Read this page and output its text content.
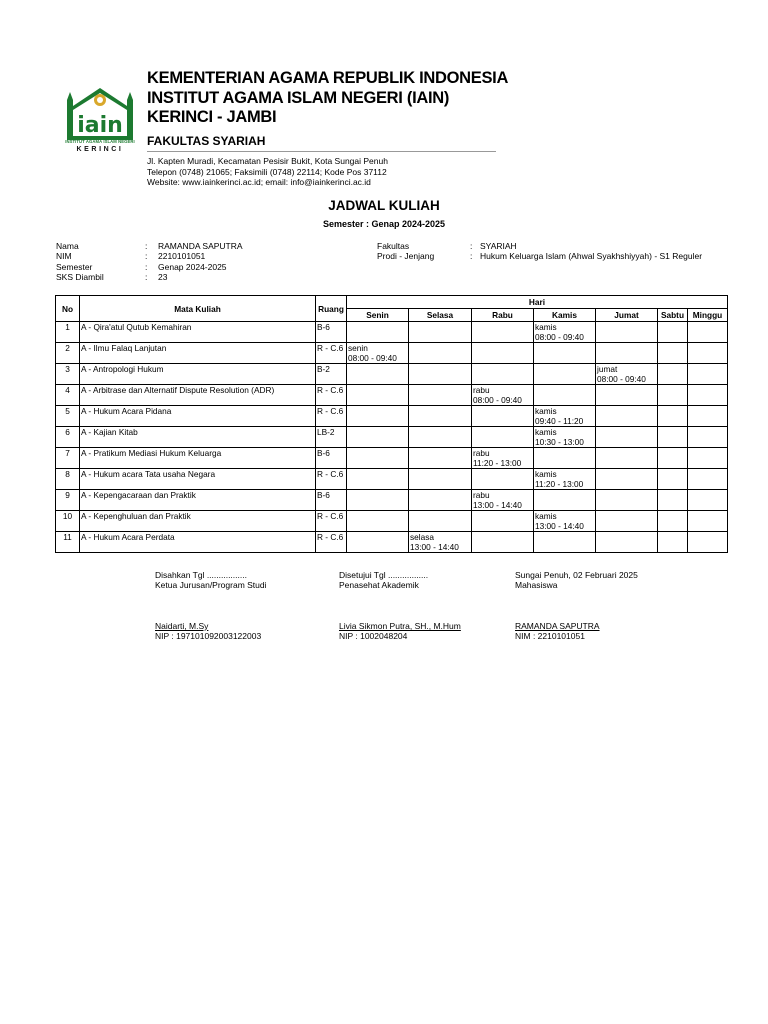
iain
INSTITUT AGAMA ISLAM NEGERI
KERINCI
KEMENTERIAN AGAMA REPUBLIK INDONESIA
INSTITUT AGAMA ISLAM NEGERI (IAIN)
KERINCI - JAMBI
FAKULTAS SYARIAH
Jl. Kapten Muradi, Kecamatan Pesisir Bukit, Kota Sungai Penuh
Telepon (0748) 21065; Faksimili (0748) 22114; Kode Pos 37112
Website: www.iainkerinci.ac.id; email: info@iainkerinci.ac.id
JADWAL KULIAH
Semester : Genap 2024-2025
Nama	:	RAMANDA SAPUTRA
NIM	:	2210101051
Semester	:	Genap 2024-2025
SKS Diambil	:	23
Fakultas	: SYARIAH
Prodi - Jenjang	: Hukum Keluarga Islam (Ahwal Syakhshiyyah) - S1 Reguler
No	Mata Kuliah	Ruang	Hari						
			Senin	Selasa	Rabu	Kamis	Jumat	Sabtu	Minggu
1	A - Qira'atul Qutub Kemahiran	B-6				kamis
08:00 - 09:40			

2	A - Ilmu Falaq Lanjutan	R - C.6	senin
08:00 - 09:40						

3	A - Antropologi Hukum	B-2					jumat
08:00 - 09:40		

4	A - Arbitrase dan Alternatif Dispute Resolution (ADR)	R - C.6			rabu
08:00 - 09:40				

5	A - Hukum Acara Pidana	R - C.6				kamis
09:40 - 11:20			

6	A - Kajian Kitab	LB-2				kamis
10:30 - 13:00			

7	A - Pratikum Mediasi Hukum Keluarga	B-6			rabu
11:20 - 13:00				

8	A - Hukum acara Tata usaha Negara	R - C.6				kamis
11:20 - 13:00			

9	A - Kepengacaraan dan Praktik	B-6			rabu
13:00 - 14:40				

10	A - Kepenghuluan dan Praktik	R - C.6				kamis
13:00 - 14:40			

11	A - Hukum Acara Perdata	R - C.6		selasa
13:00 - 14:40					

Disahkan Tgl .................
Ketua Jurusan/Program Studi
Naidarti, M.Sy
NIP : 197101092003122003
Disetujui Tgl .................
Penasehat Akademik
Livia Sikmon Putra, SH., M.Hum
NIP : 1002048204
Sungai Penuh, 02 Februari 2025
Mahasiswa
RAMANDA SAPUTRA
NIM : 2210101051
